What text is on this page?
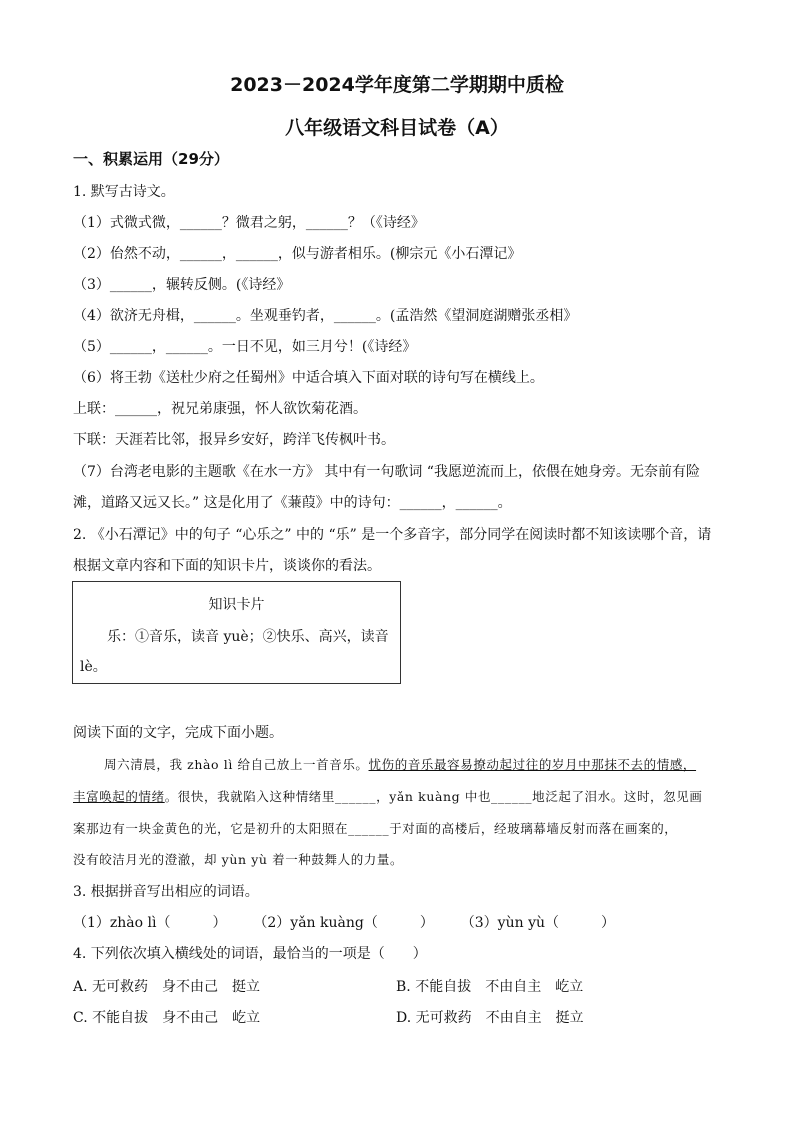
2023－2024学年度第二学期期中质检
八年级语文科目试卷（A）
一、积累运用（29分）
1. 默写古诗文。
（1）式微式微，______？微君之躬，______？（《诗经》
（2）佁然不动，______，______，似与游者相乐。(柳宗元《小石潭记》
（3）______，辗转反侧。(《诗经》
（4）欲济无舟楫，______。坐观垂钓者，______。(孟浩然《望洞庭湖赠张丞相》
（5）______，______。一日不见，如三月兮！(《诗经》
（6）将王勃《送杜少府之任蜀州》中适合填入下面对联的诗句写在横线上。
上联：______，祝兄弟康强，怀人欲饮菊花酒。
下联：天涯若比邻，报异乡安好，跨洋飞传枫叶书。
（7）台湾老电影的主题歌《在水一方》 其中有一句歌词 “我愿逆流而上，依偎在她身旁。无奈前有险
滩，道路又远又长。” 这是化用了《蒹葭》中的诗句：______，______。
2. 《小石潭记》中的句子 “心乐之” 中的 “乐” 是一个多音字，部分同学在阅读时都不知该读哪个音，请
根据文章内容和下面的知识卡片，谈谈你的看法。
知识卡片
乐：①音乐，读音 yuè；②快乐、高兴，读音
lè。
阅读下面的文字，完成下面小题。
周六清晨，我 zhào lì 给自己放上一首音乐。忧伤的音乐最容易撩动起过往的岁月中那抹不去的情感，
丰富唤起的情绪。很快，我就陷入这种情绪里______，yǎn kuàng 中也______地泛起了泪水。这时，忽见画
案那边有一块金黄色的光，它是初升的太阳照在______于对面的高楼后，经玻璃幕墙反射而落在画案的，
没有皎洁月光的澄澈，却 yùn yù 着一种鼓舞人的力量。
3. 根据拼音写出相应的词语。
（1）zhào lì（　　　） （2）yǎn kuàng（　　　） （3）yùn yù（　　　）
4. 下列依次填入横线处的词语，最恰当的一项是（　　）
A. 无可救药　身不由己　挺立	B. 不能自拔　不由自主　屹立
C. 不能自拔　身不由己　屹立	D. 无可救药　不由自主　挺立
